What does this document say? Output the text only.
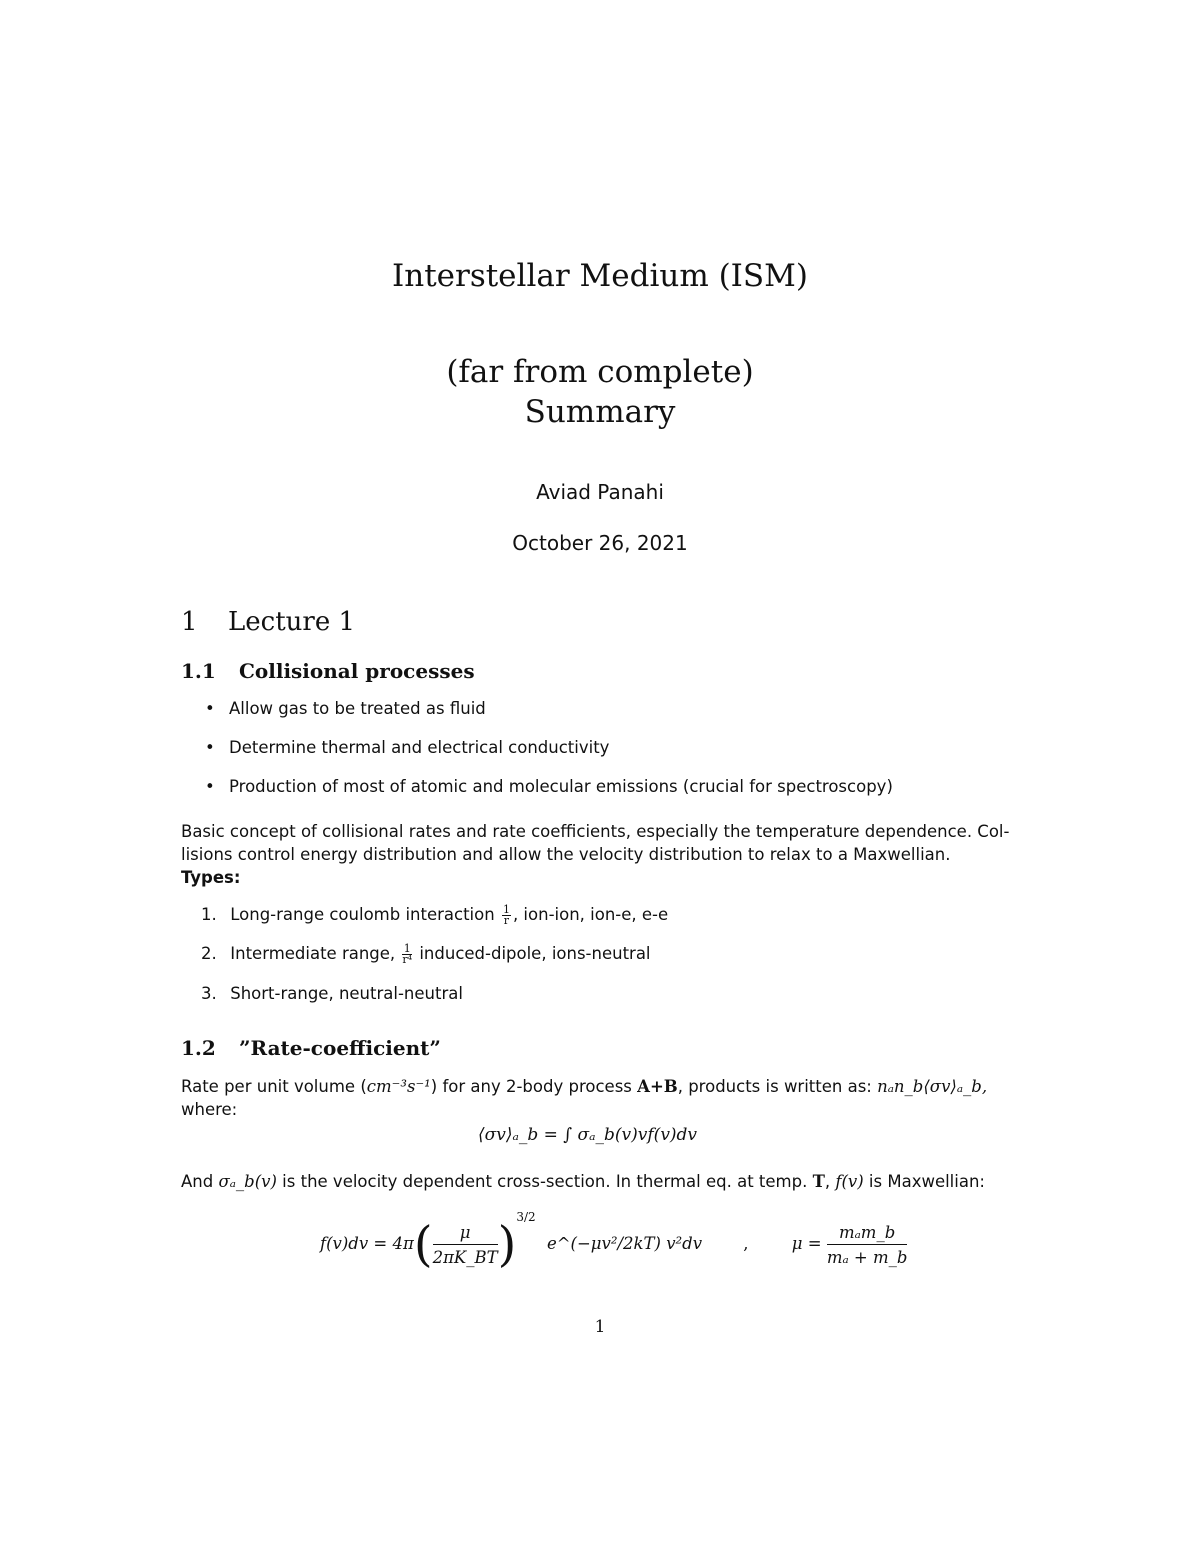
Interstellar Medium (ISM)
(far from complete)
Summary
Aviad Panahi
October 26, 2021
1 Lecture 1
1.1 Collisional processes
• Allow gas to be treated as fluid
• Determine thermal and electrical conductivity
• Production of most of atomic and molecular emissions (crucial for spectroscopy)
Basic concept of collisional rates and rate coefficients, especially the temperature dependence. Col-
lisions control energy distribution and allow the velocity distribution to relax to a Maxwellian.
Types:
1. Long-range coulomb interaction $\frac{1}{r}$ , ion-ion, ion-e, e-e
2. Intermediate range, $\frac{1}{\text{r⁴}}$ induced-dipole, ions-neutral
3. Short-range, neutral-neutral
1.2 ”Rate-coefficient”
Rate per unit volume (cm⁻³s⁻¹) for any 2-body process A+B, products is written as: nₐn_b⟨σv⟩ₐ_b,
where:
⟨σv⟩ₐ_b = ∫ σₐ_b(v)vf(v)dv
And σₐ_b(v) is the velocity dependent cross-section. In thermal eq. at temp. T, f(v) is Maxwellian:
$f(v)dv = 4\pi( \frac{\mu}{2\pi K\_BT} )^{3/2}$ e^(−μv²/2kT) v²dv	,	μ =
mₐm_b
mₐ + m_b
1
